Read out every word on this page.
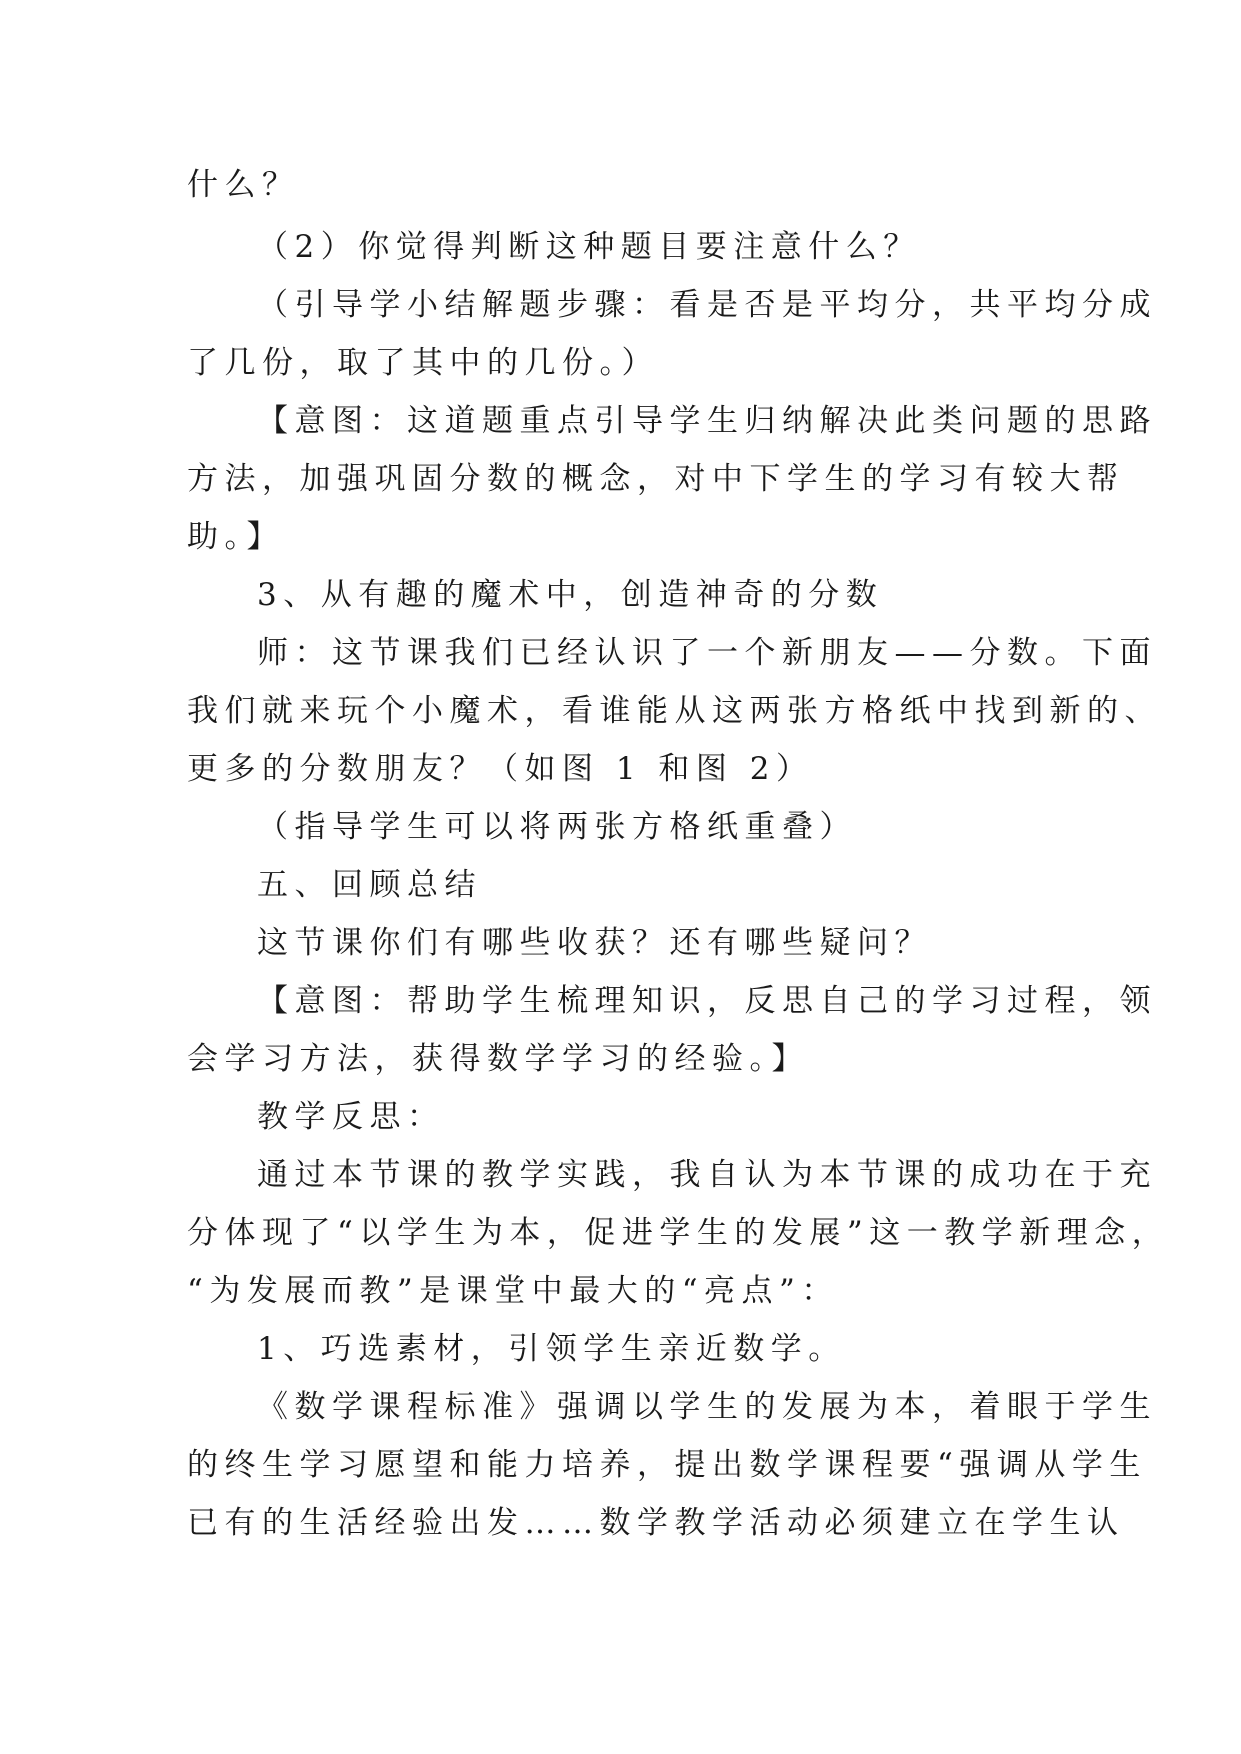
什么？
（2）你觉得判断这种题目要注意什么？
（引导学小结解题步骤：看是否是平均分，共平均分成
了几份，取了其中的几份。）
【意图：这道题重点引导学生归纳解决此类问题的思路
方法，加强巩固分数的概念，对中下学生的学习有较大帮
助。】
3、从有趣的魔术中，创造神奇的分数
师：这节课我们已经认识了一个新朋友——分数。下面
我们就来玩个小魔术，看谁能从这两张方格纸中找到新的、
更多的分数朋友？（如图 1 和图 2）
（指导学生可以将两张方格纸重叠）
五、回顾总结
这节课你们有哪些收获？还有哪些疑问？
【意图：帮助学生梳理知识，反思自己的学习过程，领
会学习方法，获得数学学习的经验。】
教学反思：
通过本节课的教学实践，我自认为本节课的成功在于充
分体现了“以学生为本，促进学生的发展”这一教学新理念，
“为发展而教”是课堂中最大的“亮点”：
1、巧选素材，引领学生亲近数学。
《数学课程标准》强调以学生的发展为本，着眼于学生
的终生学习愿望和能力培养，提出数学课程要“强调从学生
已有的生活经验出发……数学教学活动必须建立在学生认
